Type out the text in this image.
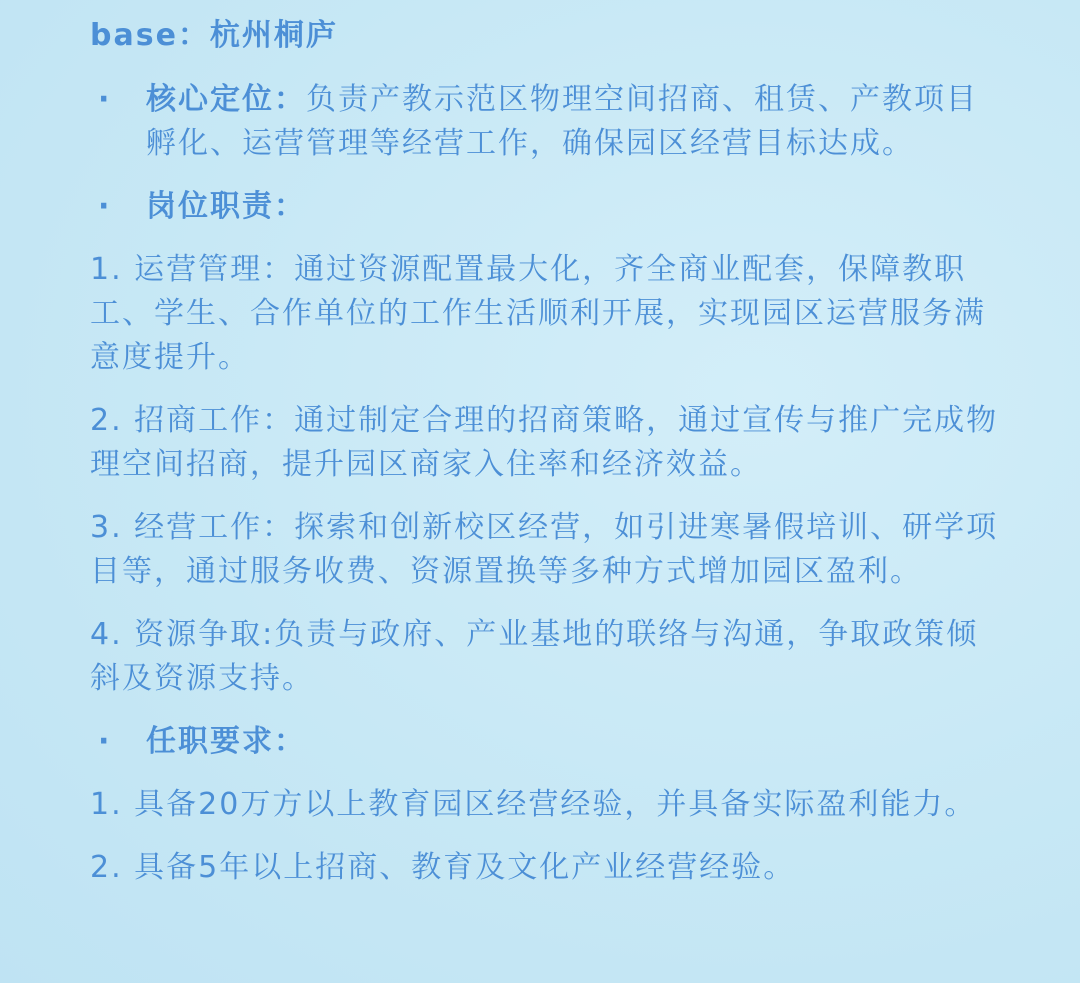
base：杭州桐庐

·	核心定位：负责产教示范区物理空间招商、租赁、产教项目孵化、运营管理等经营工作，确保园区经营目标达成。
·	岗位职责：

1. 运营管理：通过资源配置最大化，齐全商业配套，保障教职工、学生、合作单位的工作生活顺利开展，实现园区运营服务满意度提升。

2. 招商工作：通过制定合理的招商策略，通过宣传与推广完成物理空间招商，提升园区商家入住率和经济效益。

3. 经营工作：探索和创新校区经营，如引进寒暑假培训、研学项目等，通过服务收费、资源置换等多种方式增加园区盈利。

4. 资源争取:负责与政府、产业基地的联络与沟通，争取政策倾斜及资源支持。

·	任职要求：

1. 具备20万方以上教育园区经营经验，并具备实际盈利能力。

2. 具备5年以上招商、教育及文化产业经营经验。
